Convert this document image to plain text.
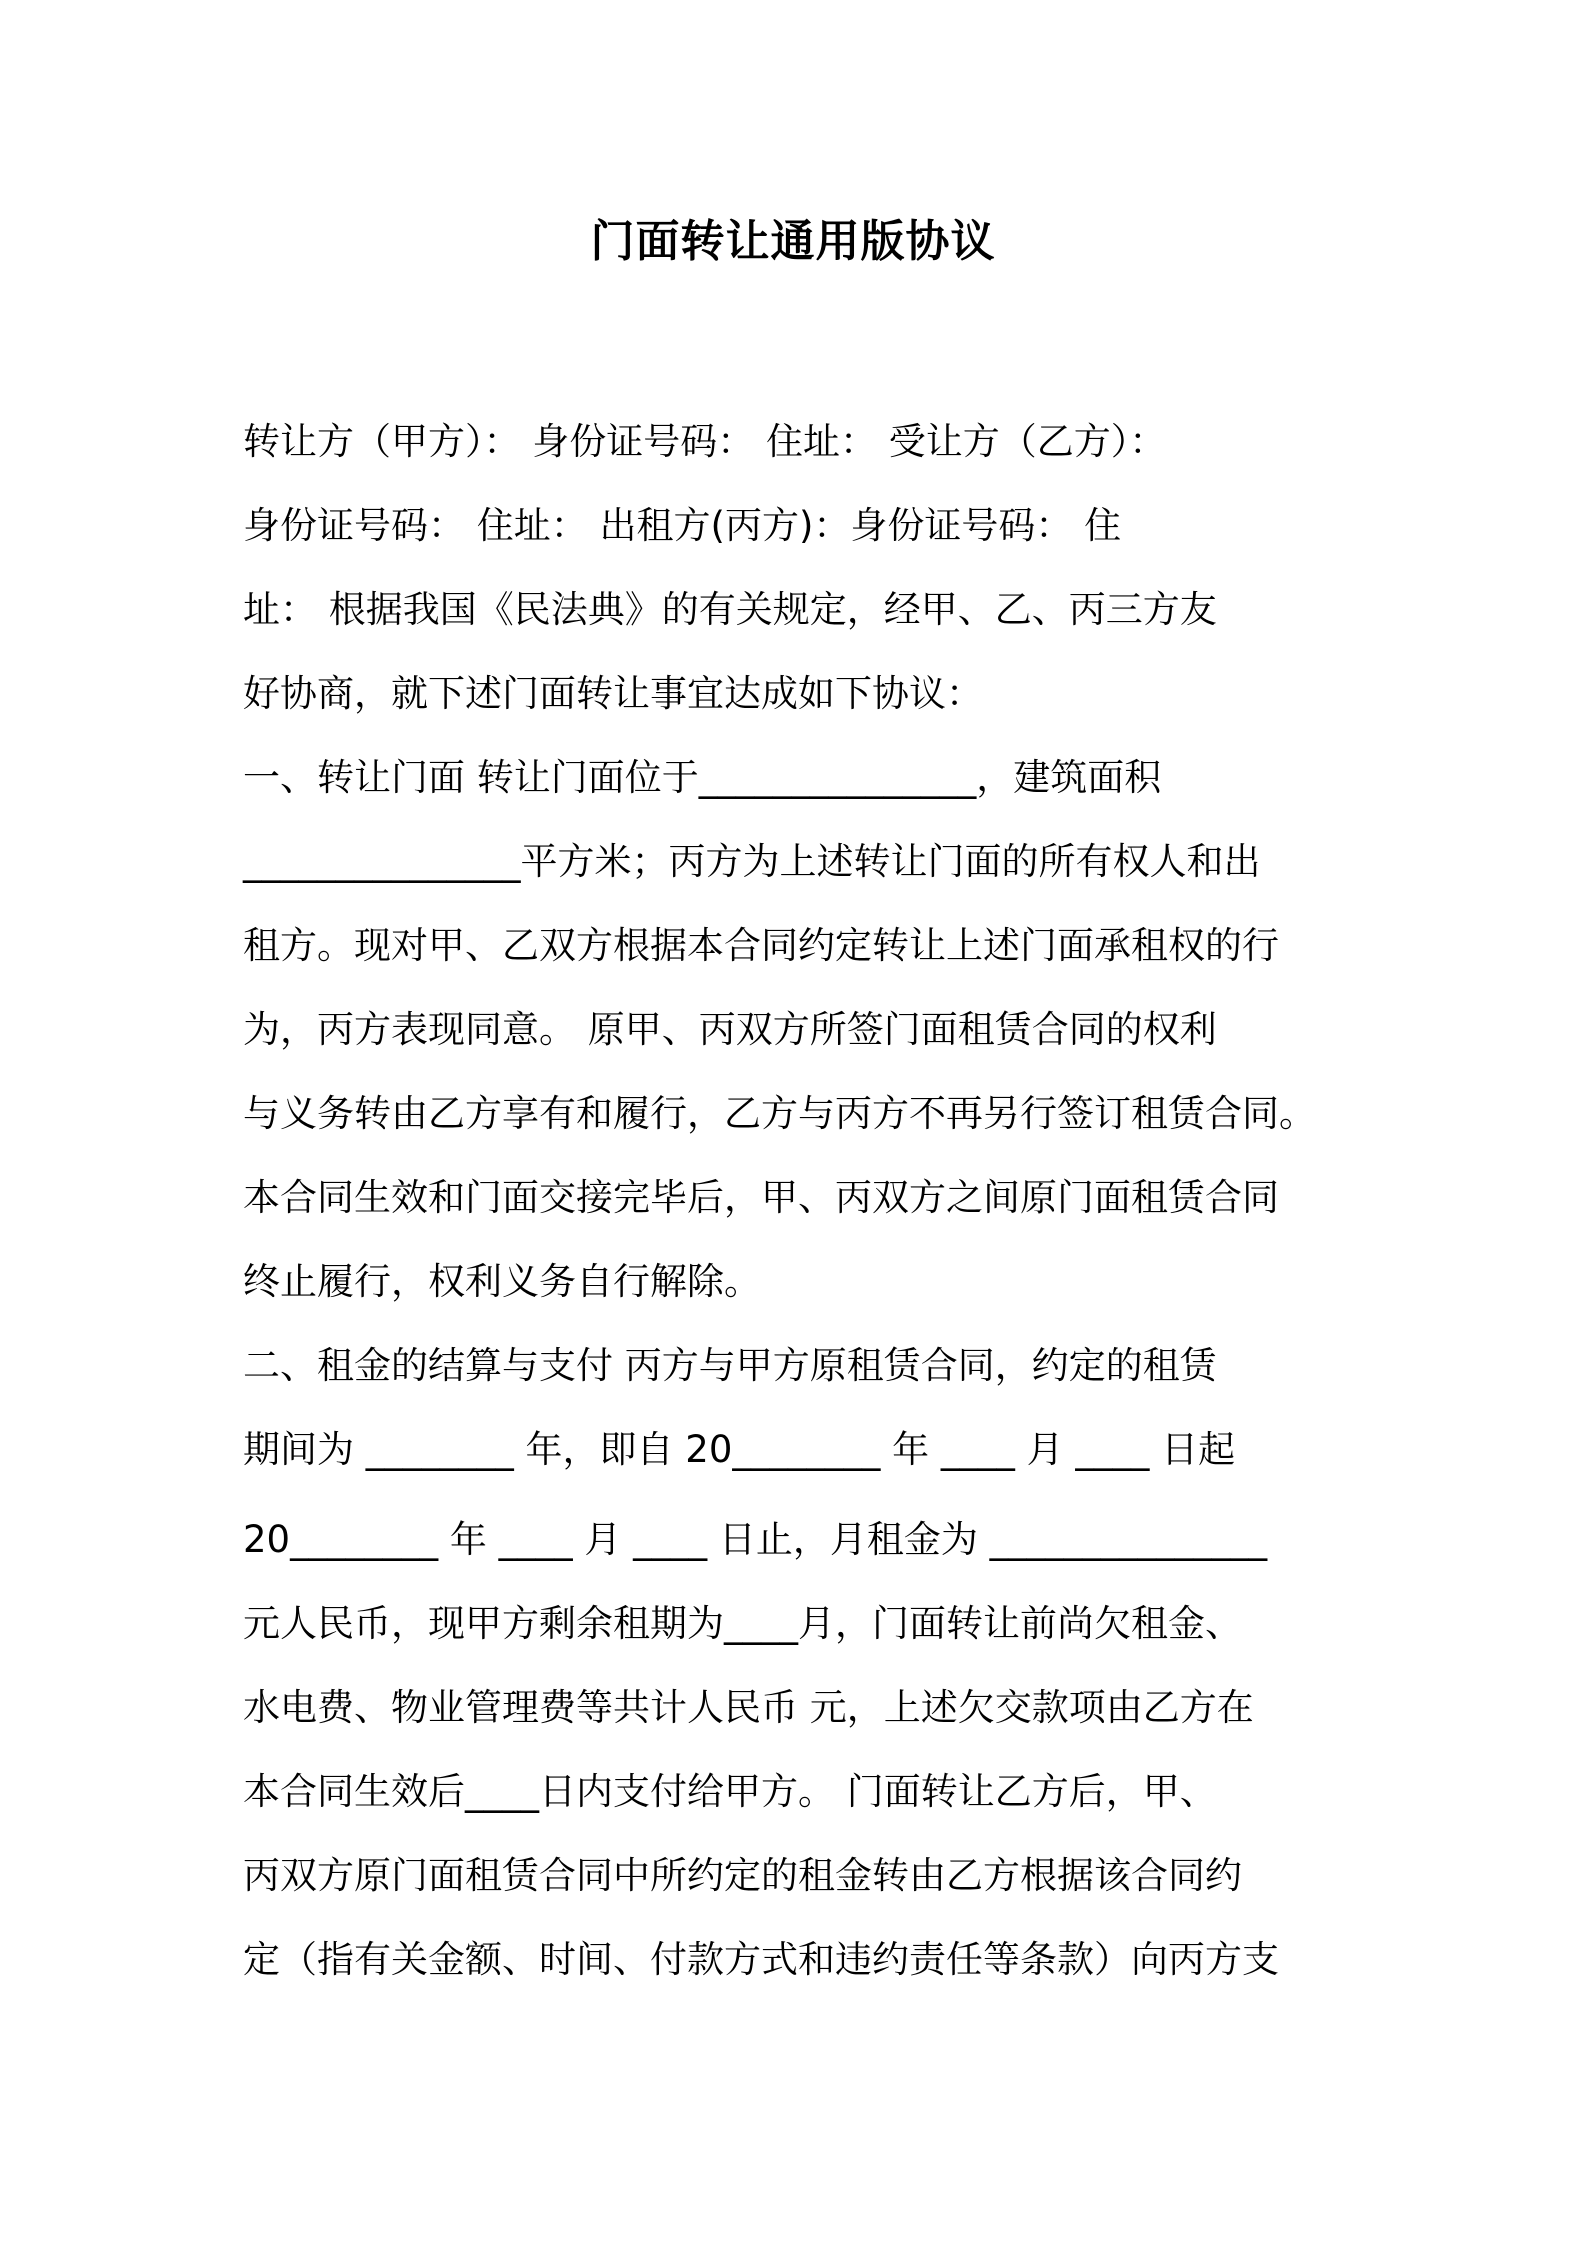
门面转让通用版协议
转让方（甲方）： 身份证号码： 住址： 受让方（乙方）：
身份证号码： 住址： 出租方(丙方)：身份证号码： 住
址： 根据我国《民法典》的有关规定，经甲、乙、丙三方友
好协商，就下述门面转让事宜达成如下协议：
一、转让门面 转让门面位于_______________，建筑面积
_______________平方米；丙方为上述转让门面的所有权人和出
租方。现对甲、乙双方根据本合同约定转让上述门面承租权的行
为，丙方表现同意。 原甲、丙双方所签门面租赁合同的权利
与义务转由乙方享有和履行，乙方与丙方不再另行签订租赁合同。
本合同生效和门面交接完毕后，甲、丙双方之间原门面租赁合同
终止履行，权利义务自行解除。
二、租金的结算与支付 丙方与甲方原租赁合同，约定的租赁
期间为 ________ 年，即自 20________ 年 ____ 月 ____ 日起
20________ 年 ____ 月 ____ 日止，月租金为 _______________
元人民币，现甲方剩余租期为____月，门面转让前尚欠租金、
水电费、物业管理费等共计人民币 元，上述欠交款项由乙方在
本合同生效后____日内支付给甲方。 门面转让乙方后，甲、
丙双方原门面租赁合同中所约定的租金转由乙方根据该合同约
定（指有关金额、时间、付款方式和违约责任等条款）向丙方支
